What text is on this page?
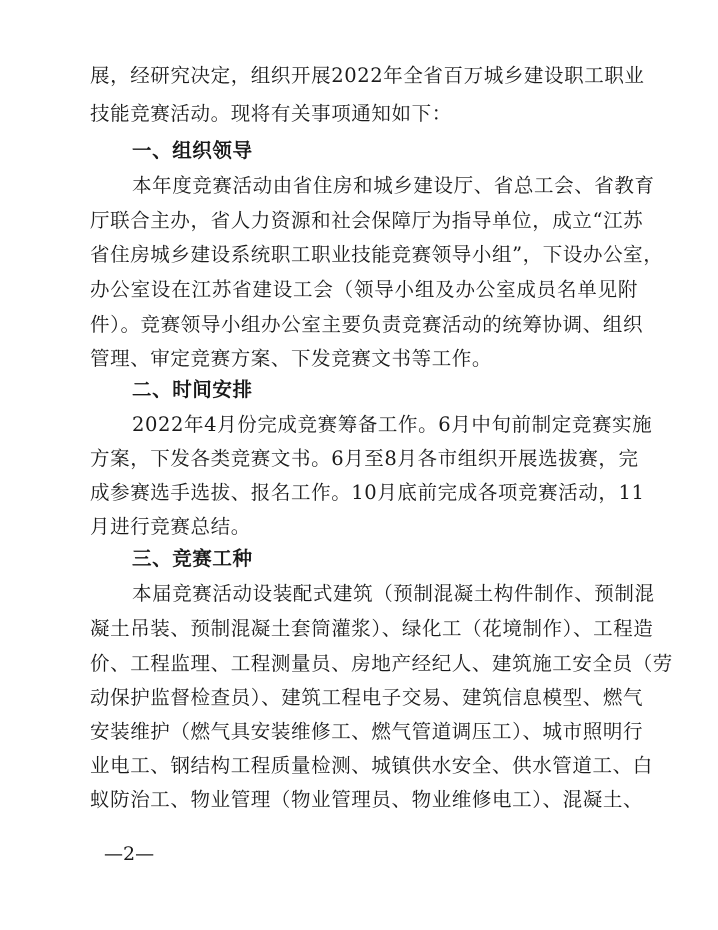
展，经研究决定，组织开展2022年全省百万城乡建设职工职业
技能竞赛活动。现将有关事项通知如下：
一、组织领导
本年度竞赛活动由省住房和城乡建设厅、省总工会、省教育
厅联合主办，省人力资源和社会保障厅为指导单位，成立“江苏
省住房城乡建设系统职工职业技能竞赛领导小组”，下设办公室，
办公室设在江苏省建设工会（领导小组及办公室成员名单见附
件）。竞赛领导小组办公室主要负责竞赛活动的统筹协调、组织
管理、审定竞赛方案、下发竞赛文书等工作。
二、时间安排
2022年4月份完成竞赛筹备工作。6月中旬前制定竞赛实施
方案，下发各类竞赛文书。6月至8月各市组织开展选拔赛，完
成参赛选手选拔、报名工作。10月底前完成各项竞赛活动，11
月进行竞赛总结。
三、竞赛工种
本届竞赛活动设装配式建筑（预制混凝土构件制作、预制混
凝土吊装、预制混凝土套筒灌浆）、绿化工（花境制作）、工程造
价、工程监理、工程测量员、房地产经纪人、建筑施工安全员（劳
动保护监督检查员）、建筑工程电子交易、建筑信息模型、燃气
安装维护（燃气具安装维修工、燃气管道调压工）、城市照明行
业电工、钢结构工程质量检测、城镇供水安全、供水管道工、白
蚁防治工、物业管理（物业管理员、物业维修电工）、混凝土、
—2—
